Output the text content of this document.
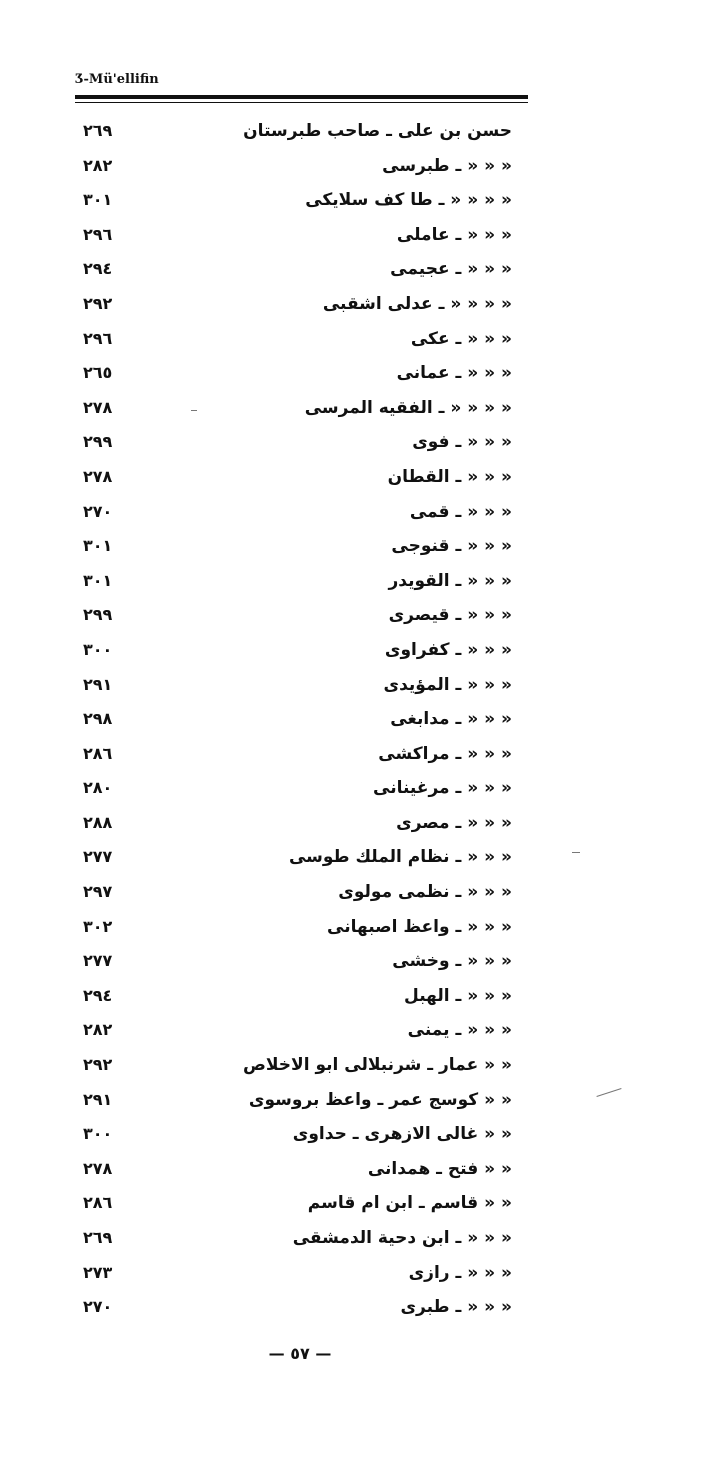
Ʒ-Mü'ellifin
٢٦٩	حسن بن علی ـ صاحب طبرستان
٢٨٢	« « « ـ طبرسی
٣٠١	« « « « ـ طا کف سلایکی
٢٩٦	« « « ـ عاملی
٢٩٤	« « « ـ عجیمی
٢٩٢	« « « « ـ عدلی اشقبی
٢٩٦	« « « ـ عکی
٢٦٥	« « « ـ عمانی
٢٧٨	« « « « ـ الفقیه المرسی
٢٩٩	« « « ـ فوی
٢٧٨	« « « ـ القطان
٢٧٠	« « « ـ قمی
٣٠١	« « « ـ قنوجی
٣٠١	« « « ـ القویدر
٢٩٩	« « « ـ قیصری
٣٠٠	« « « ـ کفراوی
٢٩١	« « « ـ المؤیدی
٢٩٨	« « « ـ مدابغی
٢٨٦	« « « ـ مراکشی
٢٨٠	« « « ـ مرغینانی
٢٨٨	« « « ـ مصری
٢٧٧	« « « ـ نظام الملك طوسی
٢٩٧	« « « ـ نظمی مولوی
٣٠٢	« « « ـ واعظ اصبهانی
٢٧٧	« « « ـ وخشی
٢٩٤	« « « ـ الهبل
٢٨٢	« « « ـ یمنی
٢٩٢	« « عمار ـ شرنبلالی ابو الاخلاص
٢٩١	« « کوسج عمر ـ واعظ بروسوی
٣٠٠	« « غالی الازهری ـ حداوی
٢٧٨	« « فتح ـ همدانی
٢٨٦	« « قاسم ـ ابن ام قاسم
٢٦٩	« « « ـ ابن دحیة الدمشقی
٢٧٣	« « « ـ رازی
٢٧٠	« « « ـ طبری
— ٥٧ —
